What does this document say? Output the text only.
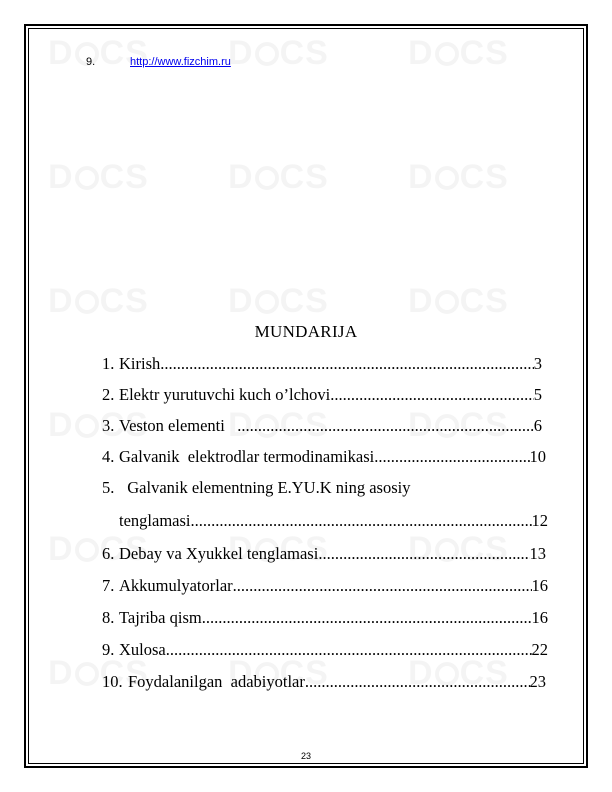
9.	http://www.fizchim.ru
MUNDARIJA
1. Kirish .....	3
2. Elektr yurutuvchi kuch o’lchovi .....	5
3. Veston elementi .....	6
4. Galvanik  elektrodlar termodinamikasi .....	10
5. Galvanik elementning E.YU.K ning asosiy
tenglamasi .....	12
6. Debay va Xyukkel tenglamasi .....	13
7. Akkumulyatorlar .....	16
8. Tajriba qism .....	16
9. Xulosa .....	22
10. Foydalanilgan  adabiyotlar .....	23
23
